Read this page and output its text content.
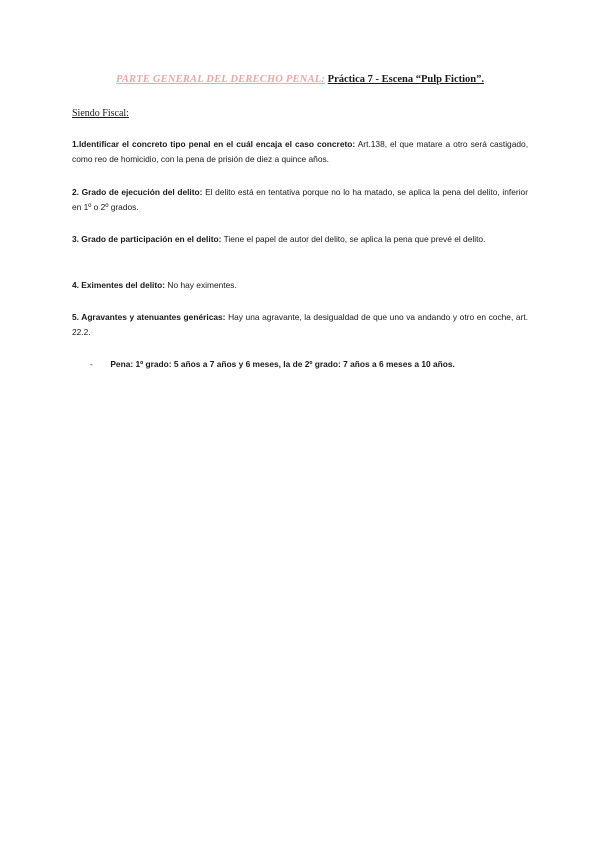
PARTE GENERAL DEL DERECHO PENAL: Práctica 7 - Escena “Pulp Fiction”.
Siendo Fiscal:
1.Identificar el concreto tipo penal en el cuál encaja el caso concreto: Art.138, el que matare a otro será castigado, como reo de homicidio, con la pena de prisión de diez a quince años.
2. Grado de ejecución del delito: El delito está en tentativa porque no lo ha matado, se aplica la pena del delito, inferior en 1º o 2º grados.
3. Grado de participación en el delito: Tiene el papel de autor del delito, se aplica la pena que prevé el delito.
4. Eximentes del delito: No hay eximentes.
5. Agravantes y atenuantes genéricas: Hay una agravante, la desigualdad de que uno va andando y otro en coche, art. 22.2.
- Pena: 1º grado: 5 años a 7 años y 6 meses, la de 2º grado: 7 años a 6 meses a 10 años.
